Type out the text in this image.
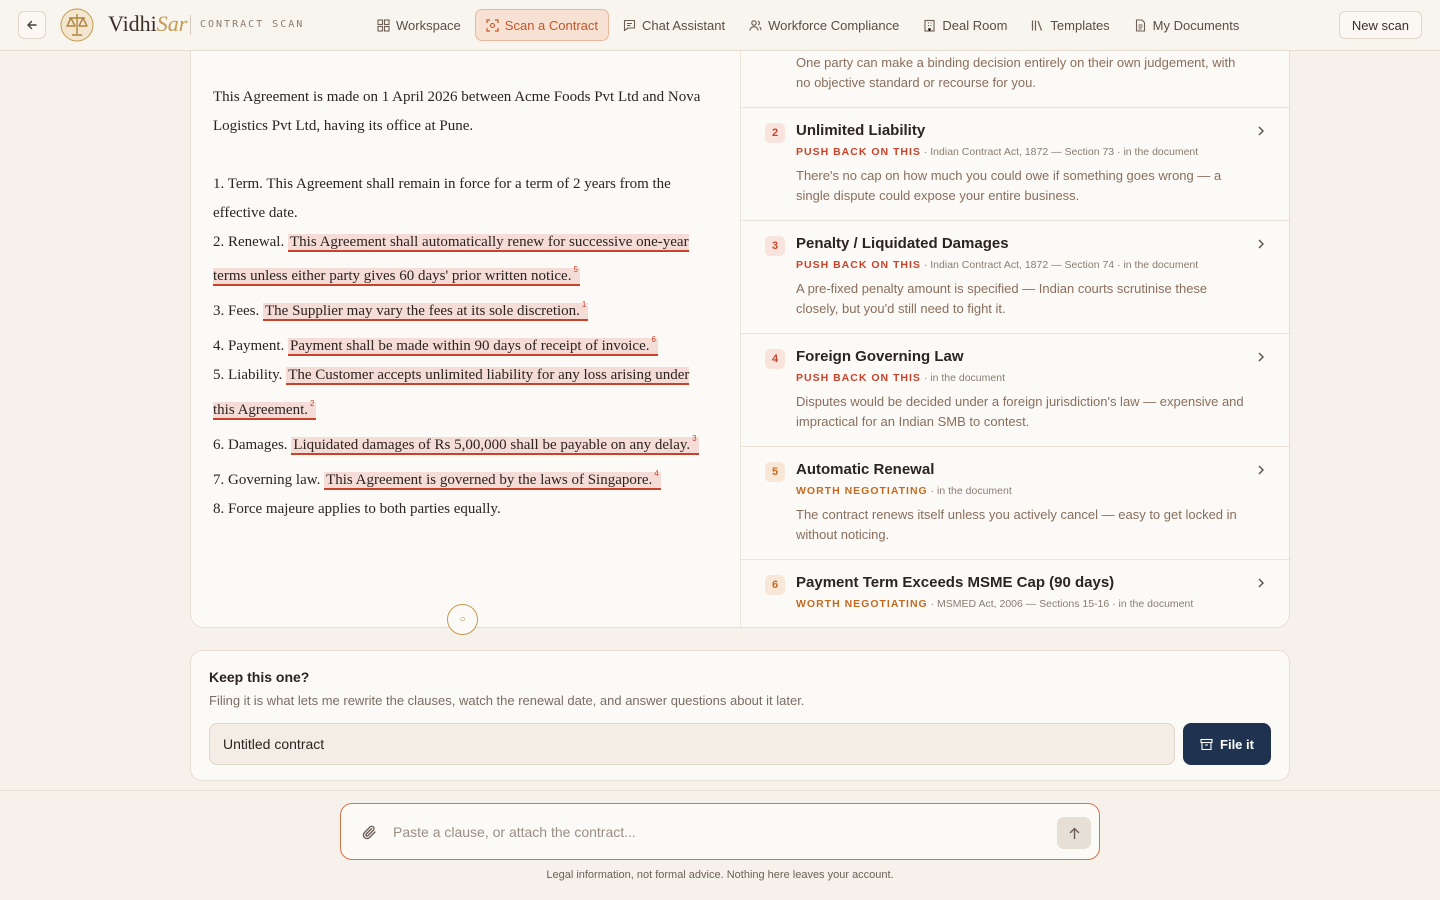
VidhiSar CONTRACT SCAN	Workspace	Scan a Contract	Chat Assistant	Workforce Compliance	Deal Room	Templates	My Documents	New scan

This Agreement is made on 1 April 2026 between Acme Foods Pvt Ltd and Nova Logistics Pvt Ltd, having its office at Pune.

1. Term. This Agreement shall remain in force for a term of 2 years from the effective date.

2. Renewal. This Agreement shall automatically renew for successive one-year terms unless either party gives 60 days' prior written notice. $^5$

3. Fees. The Supplier may vary the fees at its sole discretion. $^1$

4. Payment. Payment shall be made within 90 days of receipt of invoice. $^6$

5. Liability. The Customer accepts unlimited liability for any loss arising under this Agreement. $^2$

6. Damages. Liquidated damages of Rs 5,00,000 shall be payable on any delay. $^3$

7. Governing law. This Agreement is governed by the laws of Singapore. $^4$

8. Force majeure applies to both parties equally.

○
One party can make a binding decision entirely on their own judgement, with no objective standard or recourse for you.
2	Unlimited Liability
PUSH BACK ON THIS · Indian Contract Act, 1872 — Section 73 · in the document
There's no cap on how much you could owe if something goes wrong — a single dispute could expose your entire business.
3	Penalty / Liquidated Damages
PUSH BACK ON THIS · Indian Contract Act, 1872 — Section 74 · in the document
A pre-fixed penalty amount is specified — Indian courts scrutinise these closely, but you'd still need to fight it.
4	Foreign Governing Law
PUSH BACK ON THIS · in the document
Disputes would be decided under a foreign jurisdiction's law — expensive and impractical for an Indian SMB to contest.
5	Automatic Renewal
WORTH NEGOTIATING · in the document
The contract renews itself unless you actively cancel — easy to get locked in without noticing.
6	Payment Term Exceeds MSME Cap (90 days)
WORTH NEGOTIATING · MSMED Act, 2006 — Sections 15-16 · in the document
Keep this one?
Filing it is what lets me rewrite the clauses, watch the renewal date, and answer questions about it later.
Untitled contract
File it
Paste a clause, or attach the contract...
Legal information, not formal advice. Nothing here leaves your account.
